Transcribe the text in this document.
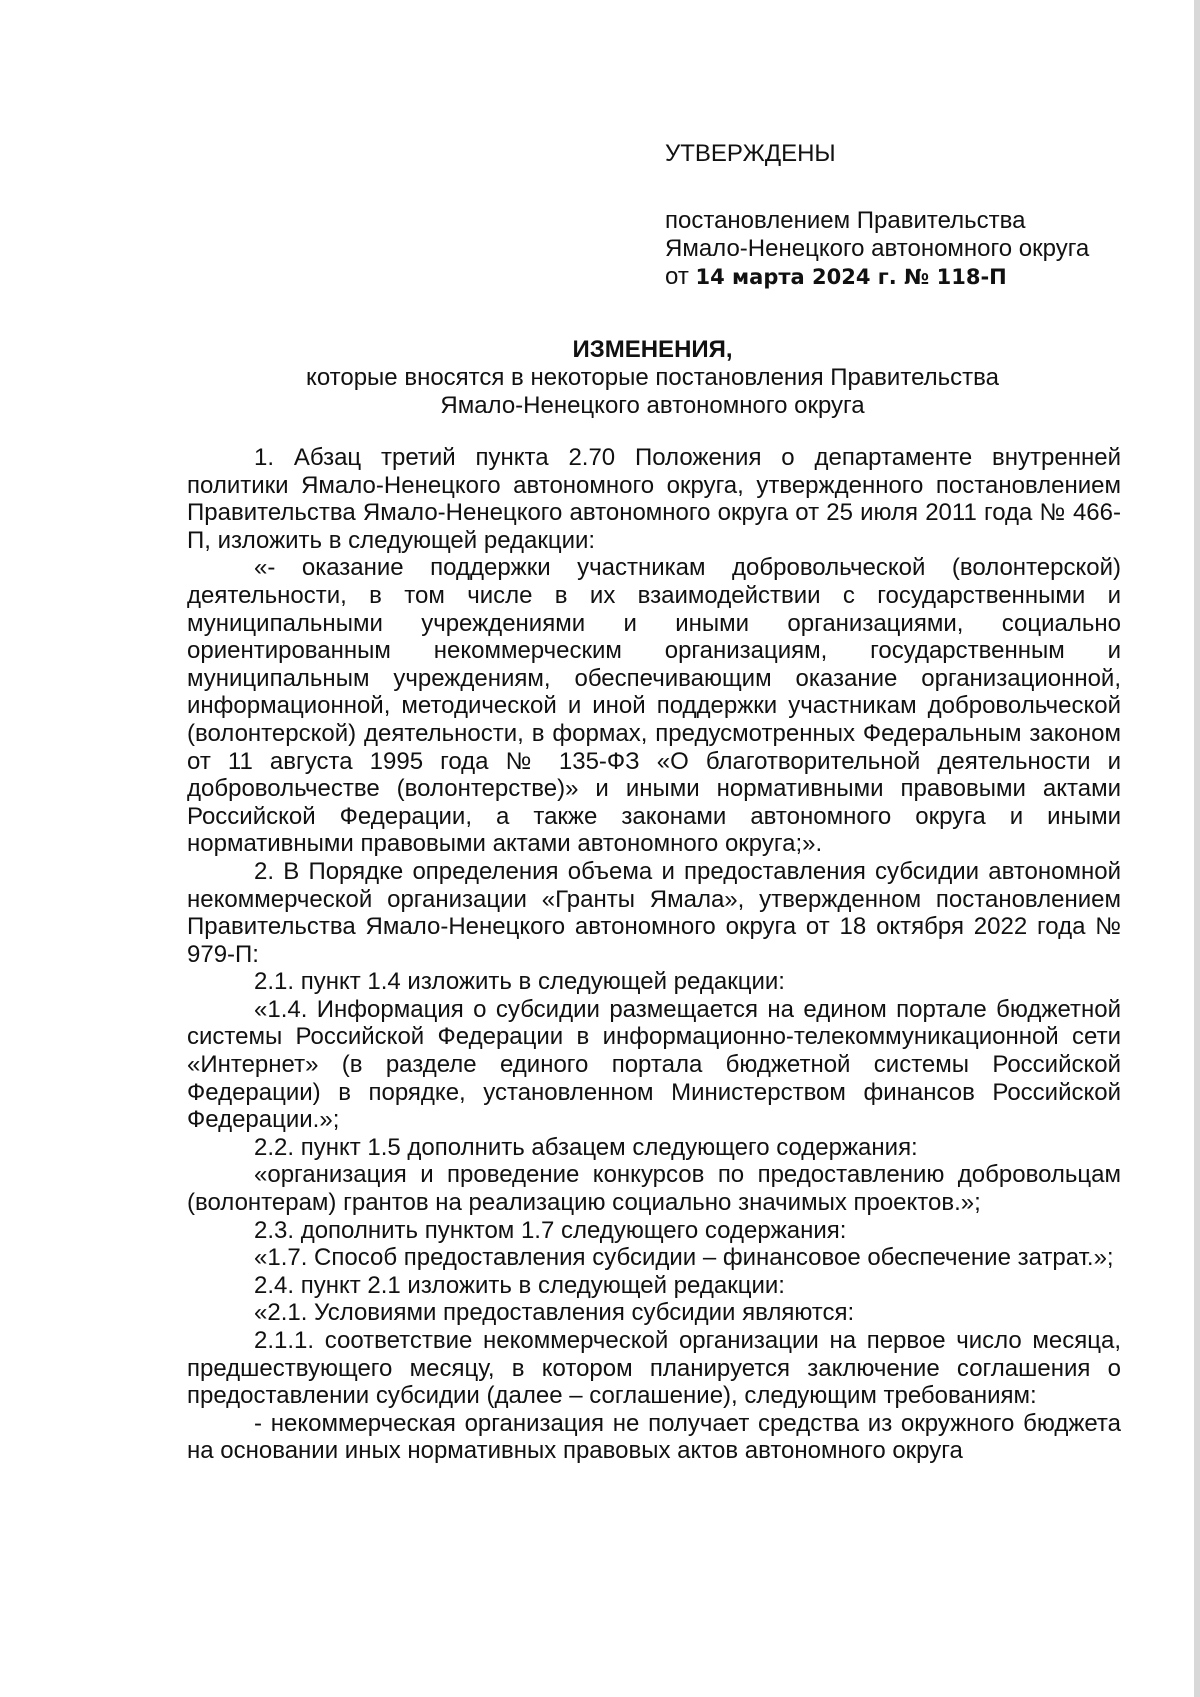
УТВЕРЖДЕНЫ
постановлением Правительства
Ямало-Ненецкого автономного округа
от 14 марта 2024 г. № 118-П
ИЗМЕНЕНИЯ,
которые вносятся в некоторые постановления Правительства
Ямало-Ненецкого автономного округа

1. Абзац третий пункта 2.70 Положения о департаменте внутренней политики Ямало-Ненецкого автономного округа, утвержденного постановлением Правительства Ямало-Ненецкого автономного округа от 25 июля 2011 года № 466-П, изложить в следующей редакции:

«- оказание поддержки участникам добровольческой (волонтерской) деятельности, в том числе в их взаимодействии с государственными и муниципальными учреждениями и иными организациями, социально ориентированным некоммерческим организациям, государственным и муниципальным учреждениям, обеспечивающим оказание организационной, информационной, методической и иной поддержки участникам добровольческой (волонтерской) деятельности, в формах, предусмотренных Федеральным законом от 11 августа 1995 года № 135-ФЗ «О благотворительной деятельности и добровольчестве (волонтерстве)» и иными нормативными правовыми актами Российской Федерации, а также законами автономного округа и иными нормативными правовыми актами автономного округа;».

2. В Порядке определения объема и предоставления субсидии автономной некоммерческой организации «Гранты Ямала», утвержденном постановлением Правительства Ямало-Ненецкого автономного округа от 18 октября 2022 года № 979-П:

2.1. пункт 1.4 изложить в следующей редакции:

«1.4. Информация о субсидии размещается на едином портале бюджетной системы Российской Федерации в информационно-телекоммуникационной сети «Интернет» (в разделе единого портала бюджетной системы Российской Федерации) в порядке, установленном Министерством финансов Российской Федерации.»;

2.2. пункт 1.5 дополнить абзацем следующего содержания:

«организация и проведение конкурсов по предоставлению добровольцам (волонтерам) грантов на реализацию социально значимых проектов.»;

2.3. дополнить пунктом 1.7 следующего содержания:

«1.7. Способ предоставления субсидии – финансовое обеспечение затрат.»;

2.4. пункт 2.1 изложить в следующей редакции:

«2.1. Условиями предоставления субсидии являются:

2.1.1. соответствие некоммерческой организации на первое число месяца, предшествующего месяцу, в котором планируется заключение соглашения о предоставлении субсидии (далее – соглашение), следующим требованиям:

- некоммерческая организация не получает средства из окружного бюджета на основании иных нормативных правовых актов автономного округа
